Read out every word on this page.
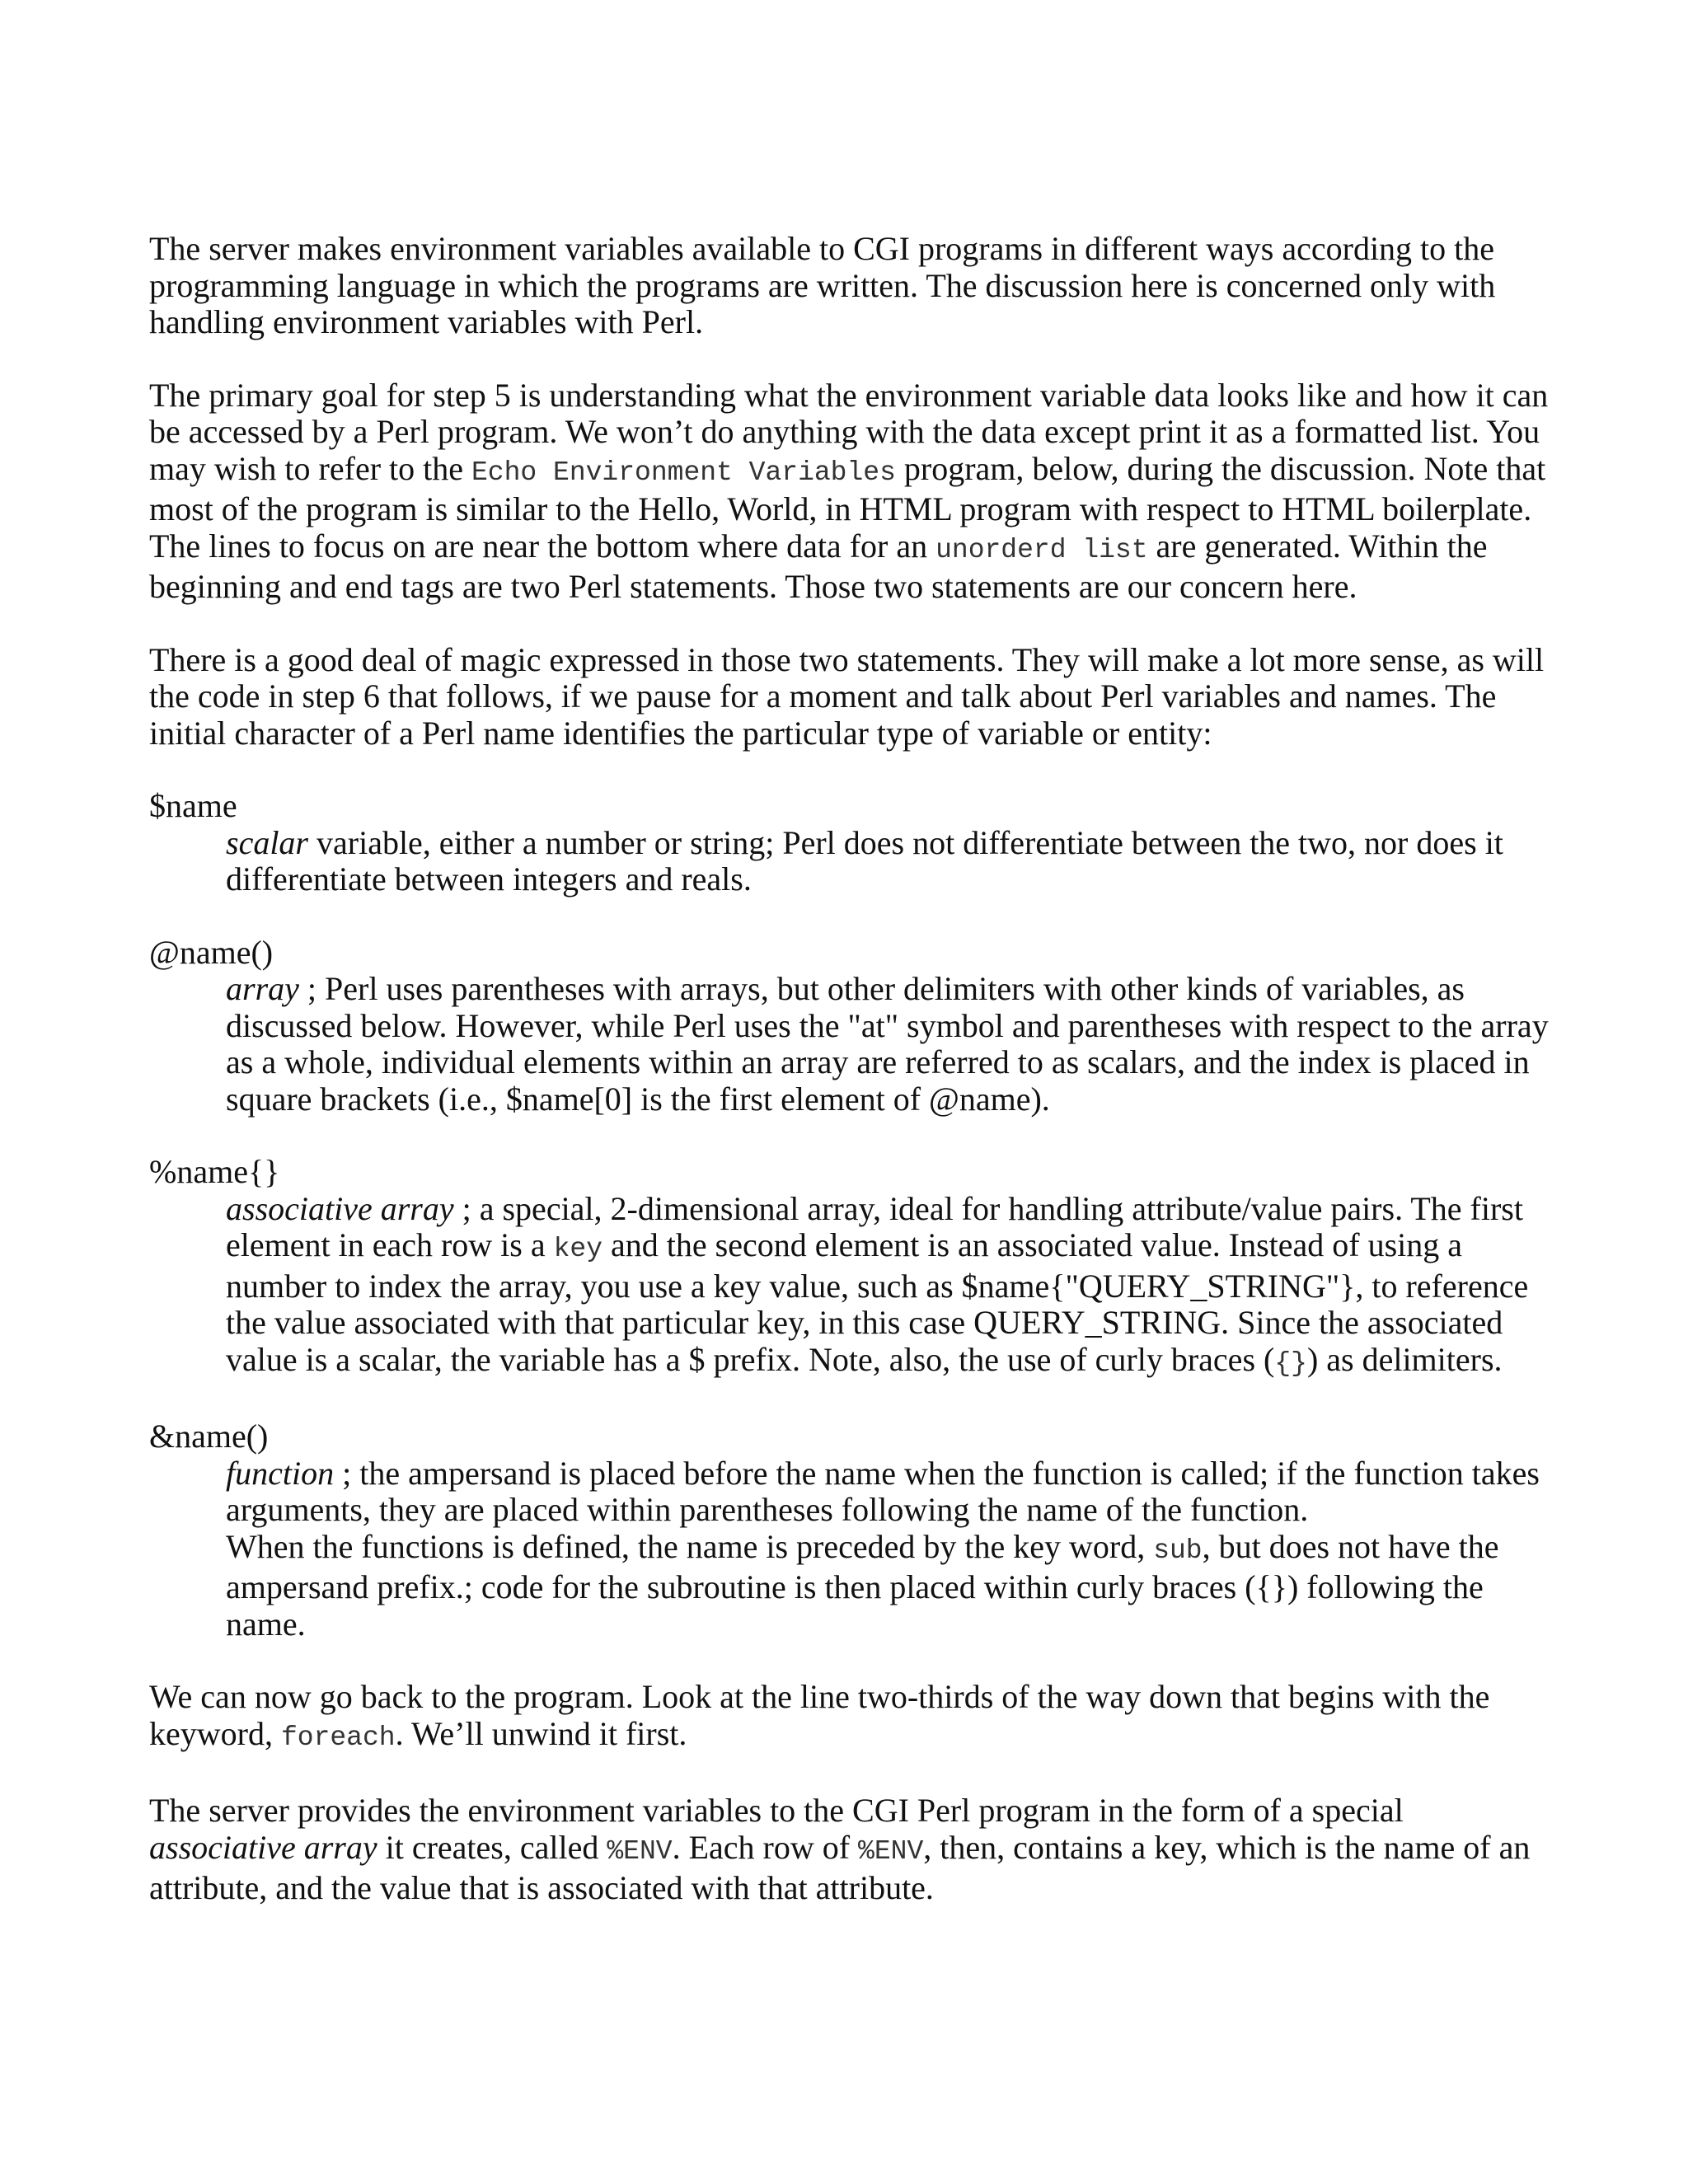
The server makes environment variables available to CGI programs in different ways according to the programming language in which the programs are written. The discussion here is concerned only with handling environment variables with Perl.

The primary goal for step 5 is understanding what the environment variable data looks like and how it can be accessed by a Perl program. We won’t do anything with the data except print it as a formatted list. You may wish to refer to the Echo Environment Variables program, below, during the discussion. Note that most of the program is similar to the Hello, World, in HTML program with respect to HTML boilerplate. The lines to focus on are near the bottom where data for an unorderd list are generated. Within the beginning and end tags are two Perl statements. Those two statements are our concern here.

There is a good deal of magic expressed in those two statements. They will make a lot more sense, as will the code in step 6 that follows, if we pause for a moment and talk about Perl variables and names. The initial character of a Perl name identifies the particular type of variable or entity:

$name
scalar variable, either a number or string; Perl does not differentiate between the two, nor does it differentiate between integers and reals.
@name()
array ; Perl uses parentheses with arrays, but other delimiters with other kinds of variables, as discussed below. However, while Perl uses the "at" symbol and parentheses with respect to the array as a whole, individual elements within an array are referred to as scalars, and the index is placed in square brackets (i.e., $name[0] is the first element of @name).
%name{}
associative array ; a special, 2-dimensional array, ideal for handling attribute/value pairs. The first element in each row is a key and the second element is an associated value. Instead of using a number to index the array, you use a key value, such as $name{"QUERY_STRING"}, to reference the value associated with that particular key, in this case QUERY_STRING. Since the associated value is a scalar, the variable has a $ prefix. Note, also, the use of curly braces ({}) as delimiters.
&name()
function ; the ampersand is placed before the name when the function is called; if the function takes arguments, they are placed within parentheses following the name of the function.
When the functions is defined, the name is preceded by the key word, sub, but does not have the ampersand prefix.; code for the subroutine is then placed within curly braces ({}) following the name.

We can now go back to the program. Look at the line two-thirds of the way down that begins with the keyword, foreach. We’ll unwind it first.

The server provides the environment variables to the CGI Perl program in the form of a special associative array it creates, called %ENV. Each row of %ENV, then, contains a key, which is the name of an attribute, and the value that is associated with that attribute.
